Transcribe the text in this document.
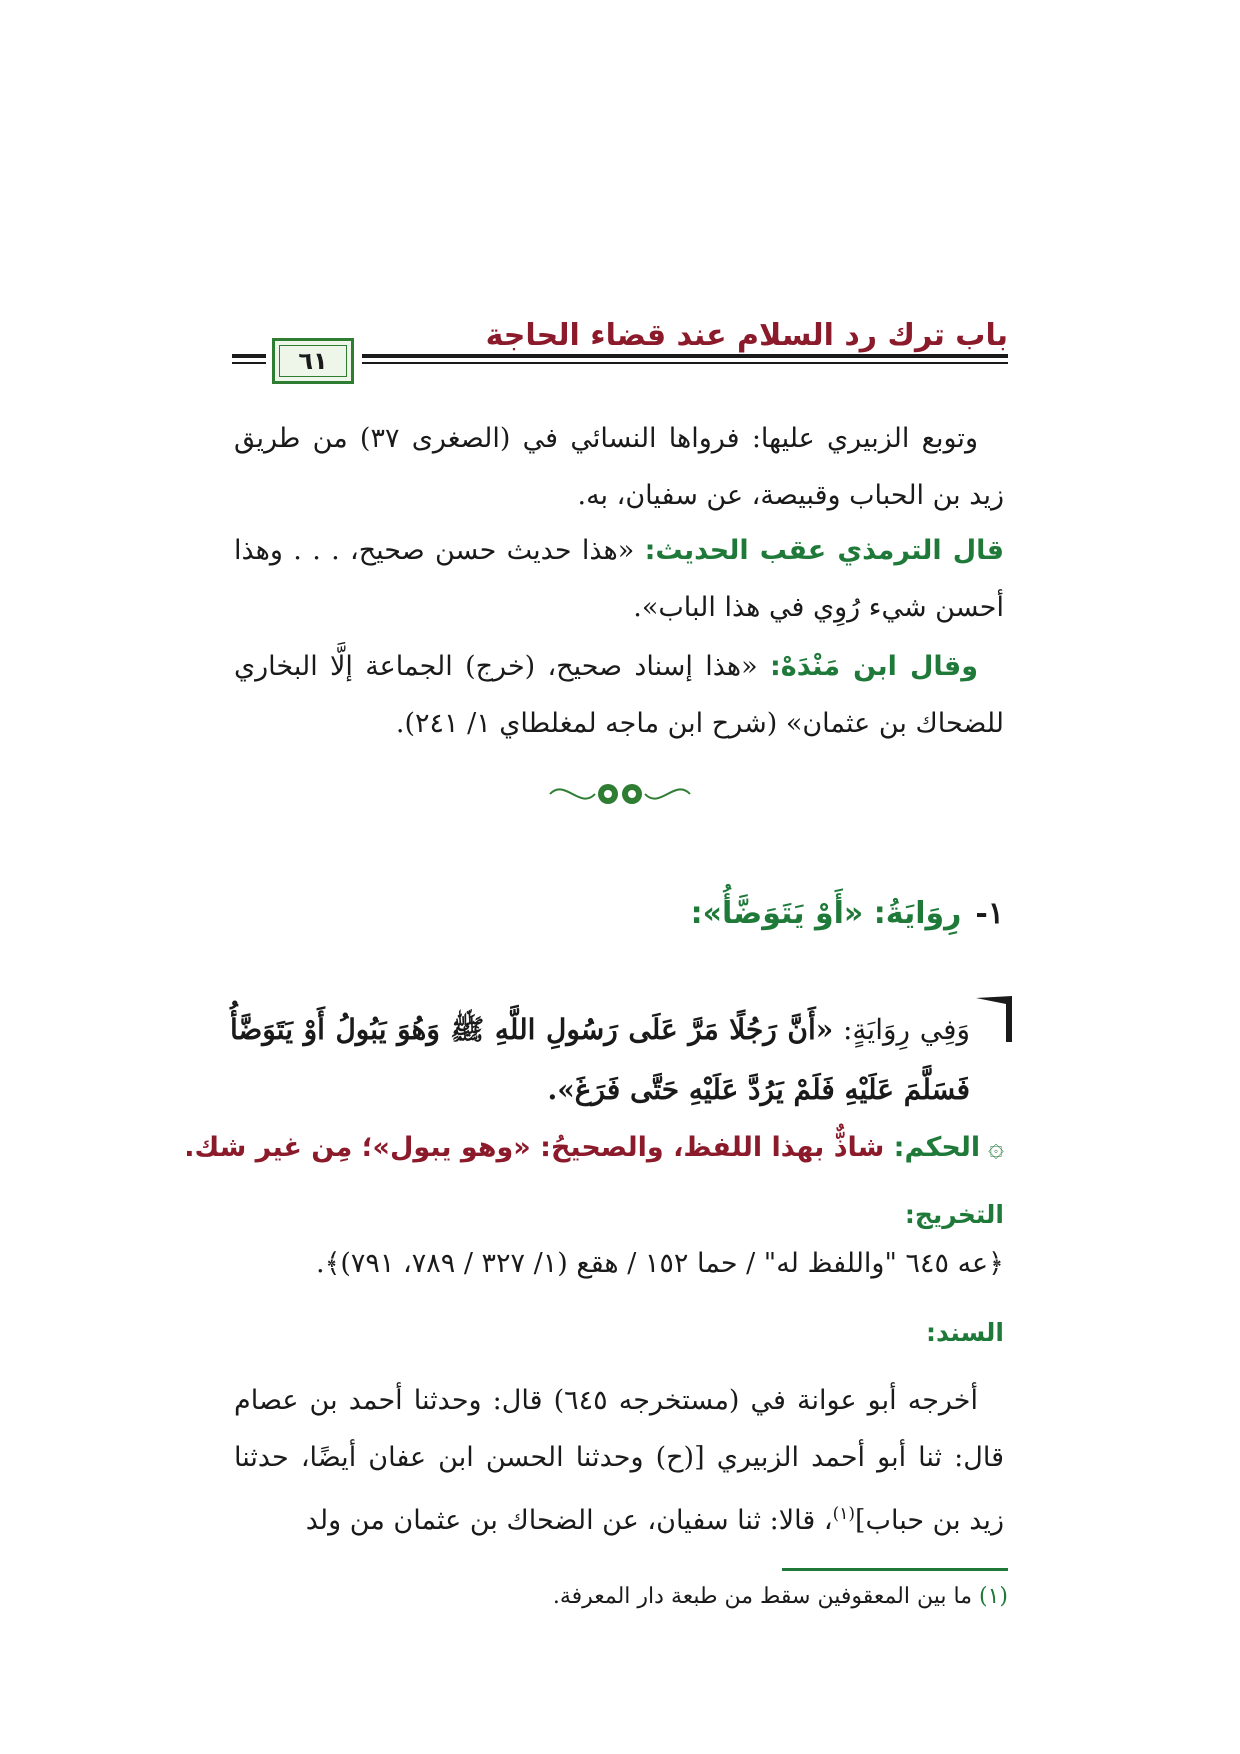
باب ترك رد السلام عند قضاء الحاجة
٦١
وتوبع الزبيري عليها: فرواها النسائي في (الصغرى ٣٧) من طريق زيد بن الحباب وقبيصة، عن سفيان، به.
قال الترمذي عقب الحديث: «هذا حديث حسن صحيح، . . . وهذا أحسن شيء رُوِي في هذا الباب».
وقال ابن مَنْدَهْ: «هذا إسناد صحيح، (خرج) الجماعة إلَّا البخاري للضحاك بن عثمان» (شرح ابن ماجه لمغلطاي ١/ ٢٤١).
١-رِوَايَةُ: «أَوْ يَتَوَضَّأُ»:
وَفِي رِوَايَةٍ: «أَنَّ رَجُلًا مَرَّ عَلَى رَسُولِ اللَّهِ ﷺ وَهُوَ يَبُولُ أَوْ يَتَوَضَّأُ فَسَلَّمَ عَلَيْهِ فَلَمْ يَرُدَّ عَلَيْهِ حَتَّى فَرَغَ».
۞الحكم: شاذٌّ بهذا اللفظ، والصحيحُ: «وهو يبول»؛ مِن غير شك.
التخريج:
﴿عه ٦٤٥ "واللفظ له" / حما ١٥٢ / هقع (١/ ٣٢٧ / ٧٨٩، ٧٩١)﴾.
السند:
أخرجه أبو عوانة في (مستخرجه ٦٤٥) قال: وحدثنا أحمد بن عصام قال: ثنا أبو أحمد الزبيري [(ح) وحدثنا الحسن ابن عفان أيضًا، حدثنا زيد بن حباب]$^{(١)}$، قالا: ثنا سفيان، عن الضحاك بن عثمان من ولد
(١) ما بين المعقوفين سقط من طبعة دار المعرفة.
